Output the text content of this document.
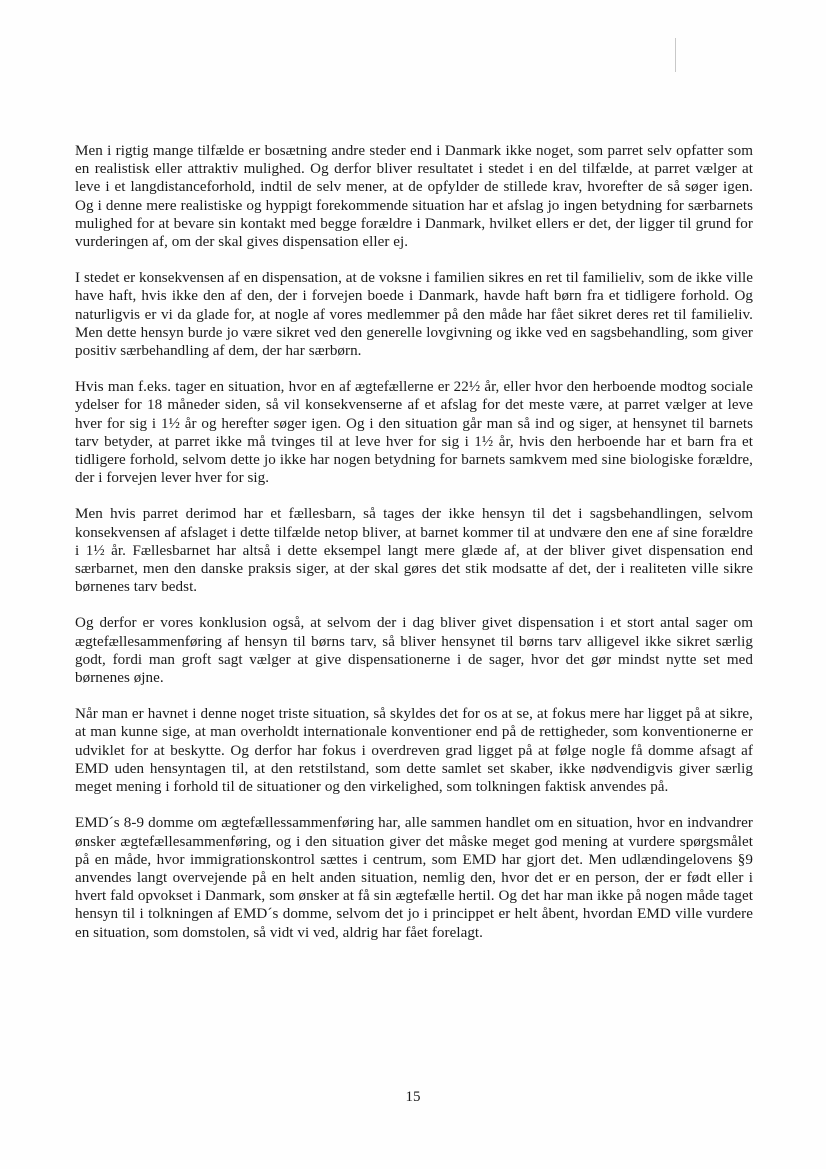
Men i rigtig mange tilfælde er bosætning andre steder end i Danmark ikke noget, som parret selv opfatter som en realistisk eller attraktiv mulighed. Og derfor bliver resultatet i stedet i en del tilfælde, at parret vælger at leve i et langdistanceforhold, indtil de selv mener, at de opfylder de stillede krav, hvorefter de så søger igen. Og i denne mere realistiske og hyppigt forekommende situation har et afslag jo ingen betydning for særbarnets mulighed for at bevare sin kontakt med begge forældre i Danmark, hvilket ellers er det, der ligger til grund for vurderingen af, om der skal gives dispensation eller ej.

I stedet er konsekvensen af en dispensation, at de voksne i familien sikres en ret til familieliv, som de ikke ville have haft, hvis ikke den af den, der i forvejen boede i Danmark, havde haft børn fra et tidligere forhold. Og naturligvis er vi da glade for, at nogle af vores medlemmer på den måde har fået sikret deres ret til familieliv. Men dette hensyn burde jo være sikret ved den generelle lovgivning og ikke ved en sagsbehandling, som giver positiv særbehandling af dem, der har særbørn.

Hvis man f.eks. tager en situation, hvor en af ægtefællerne er 22½ år, eller hvor den herboende modtog sociale ydelser for 18 måneder siden, så vil konsekvenserne af et afslag for det meste være, at parret vælger at leve hver for sig i 1½ år og herefter søger igen. Og i den situation går man så ind og siger, at hensynet til barnets tarv betyder, at parret ikke må tvinges til at leve hver for sig i 1½ år, hvis den herboende har et barn fra et tidligere forhold, selvom dette jo ikke har nogen betydning for barnets samkvem med sine biologiske forældre, der i forvejen lever hver for sig.

Men hvis parret derimod har et fællesbarn, så tages der ikke hensyn til det i sagsbehandlingen, selvom konsekvensen af afslaget i dette tilfælde netop bliver, at barnet kommer til at undvære den ene af sine forældre i 1½ år. Fællesbarnet har altså i dette eksempel langt mere glæde af, at der bliver givet dispensation end særbarnet, men den danske praksis siger, at der skal gøres det stik modsatte af det, der i realiteten ville sikre børnenes tarv bedst.

Og derfor er vores konklusion også, at selvom der i dag bliver givet dispensation i et stort antal sager om ægtefællesammenføring af hensyn til børns tarv, så bliver hensynet til børns tarv alligevel ikke sikret særlig godt, fordi man groft sagt vælger at give dispensationerne i de sager, hvor det gør mindst nytte set med børnenes øjne.

Når man er havnet i denne noget triste situation, så skyldes det for os at se, at fokus mere har ligget på at sikre, at man kunne sige, at man overholdt internationale konventioner end på de rettigheder, som konventionerne er udviklet for at beskytte. Og derfor har fokus i overdreven grad ligget på at følge nogle få domme afsagt af EMD uden hensyntagen til, at den retstilstand, som dette samlet set skaber, ikke nødvendigvis giver særlig meget mening i forhold til de situationer og den virkelighed, som tolkningen faktisk anvendes på.

EMD´s 8-9 domme om ægtefællessammenføring har, alle sammen handlet om en situation, hvor en indvandrer ønsker ægtefællesammenføring, og i den situation giver det måske meget god mening at vurdere spørgsmålet på en måde, hvor immigrationskontrol sættes i centrum, som EMD har gjort det. Men udlændingelovens §9 anvendes langt overvejende på en helt anden situation, nemlig den, hvor det er en person, der er født eller i hvert fald opvokset i Danmark, som ønsker at få sin ægtefælle hertil. Og det har man ikke på nogen måde taget hensyn til i tolkningen af EMD´s domme, selvom det jo i princippet er helt åbent, hvordan EMD ville vurdere en situation, som domstolen, så vidt vi ved, aldrig har fået forelagt.

15
